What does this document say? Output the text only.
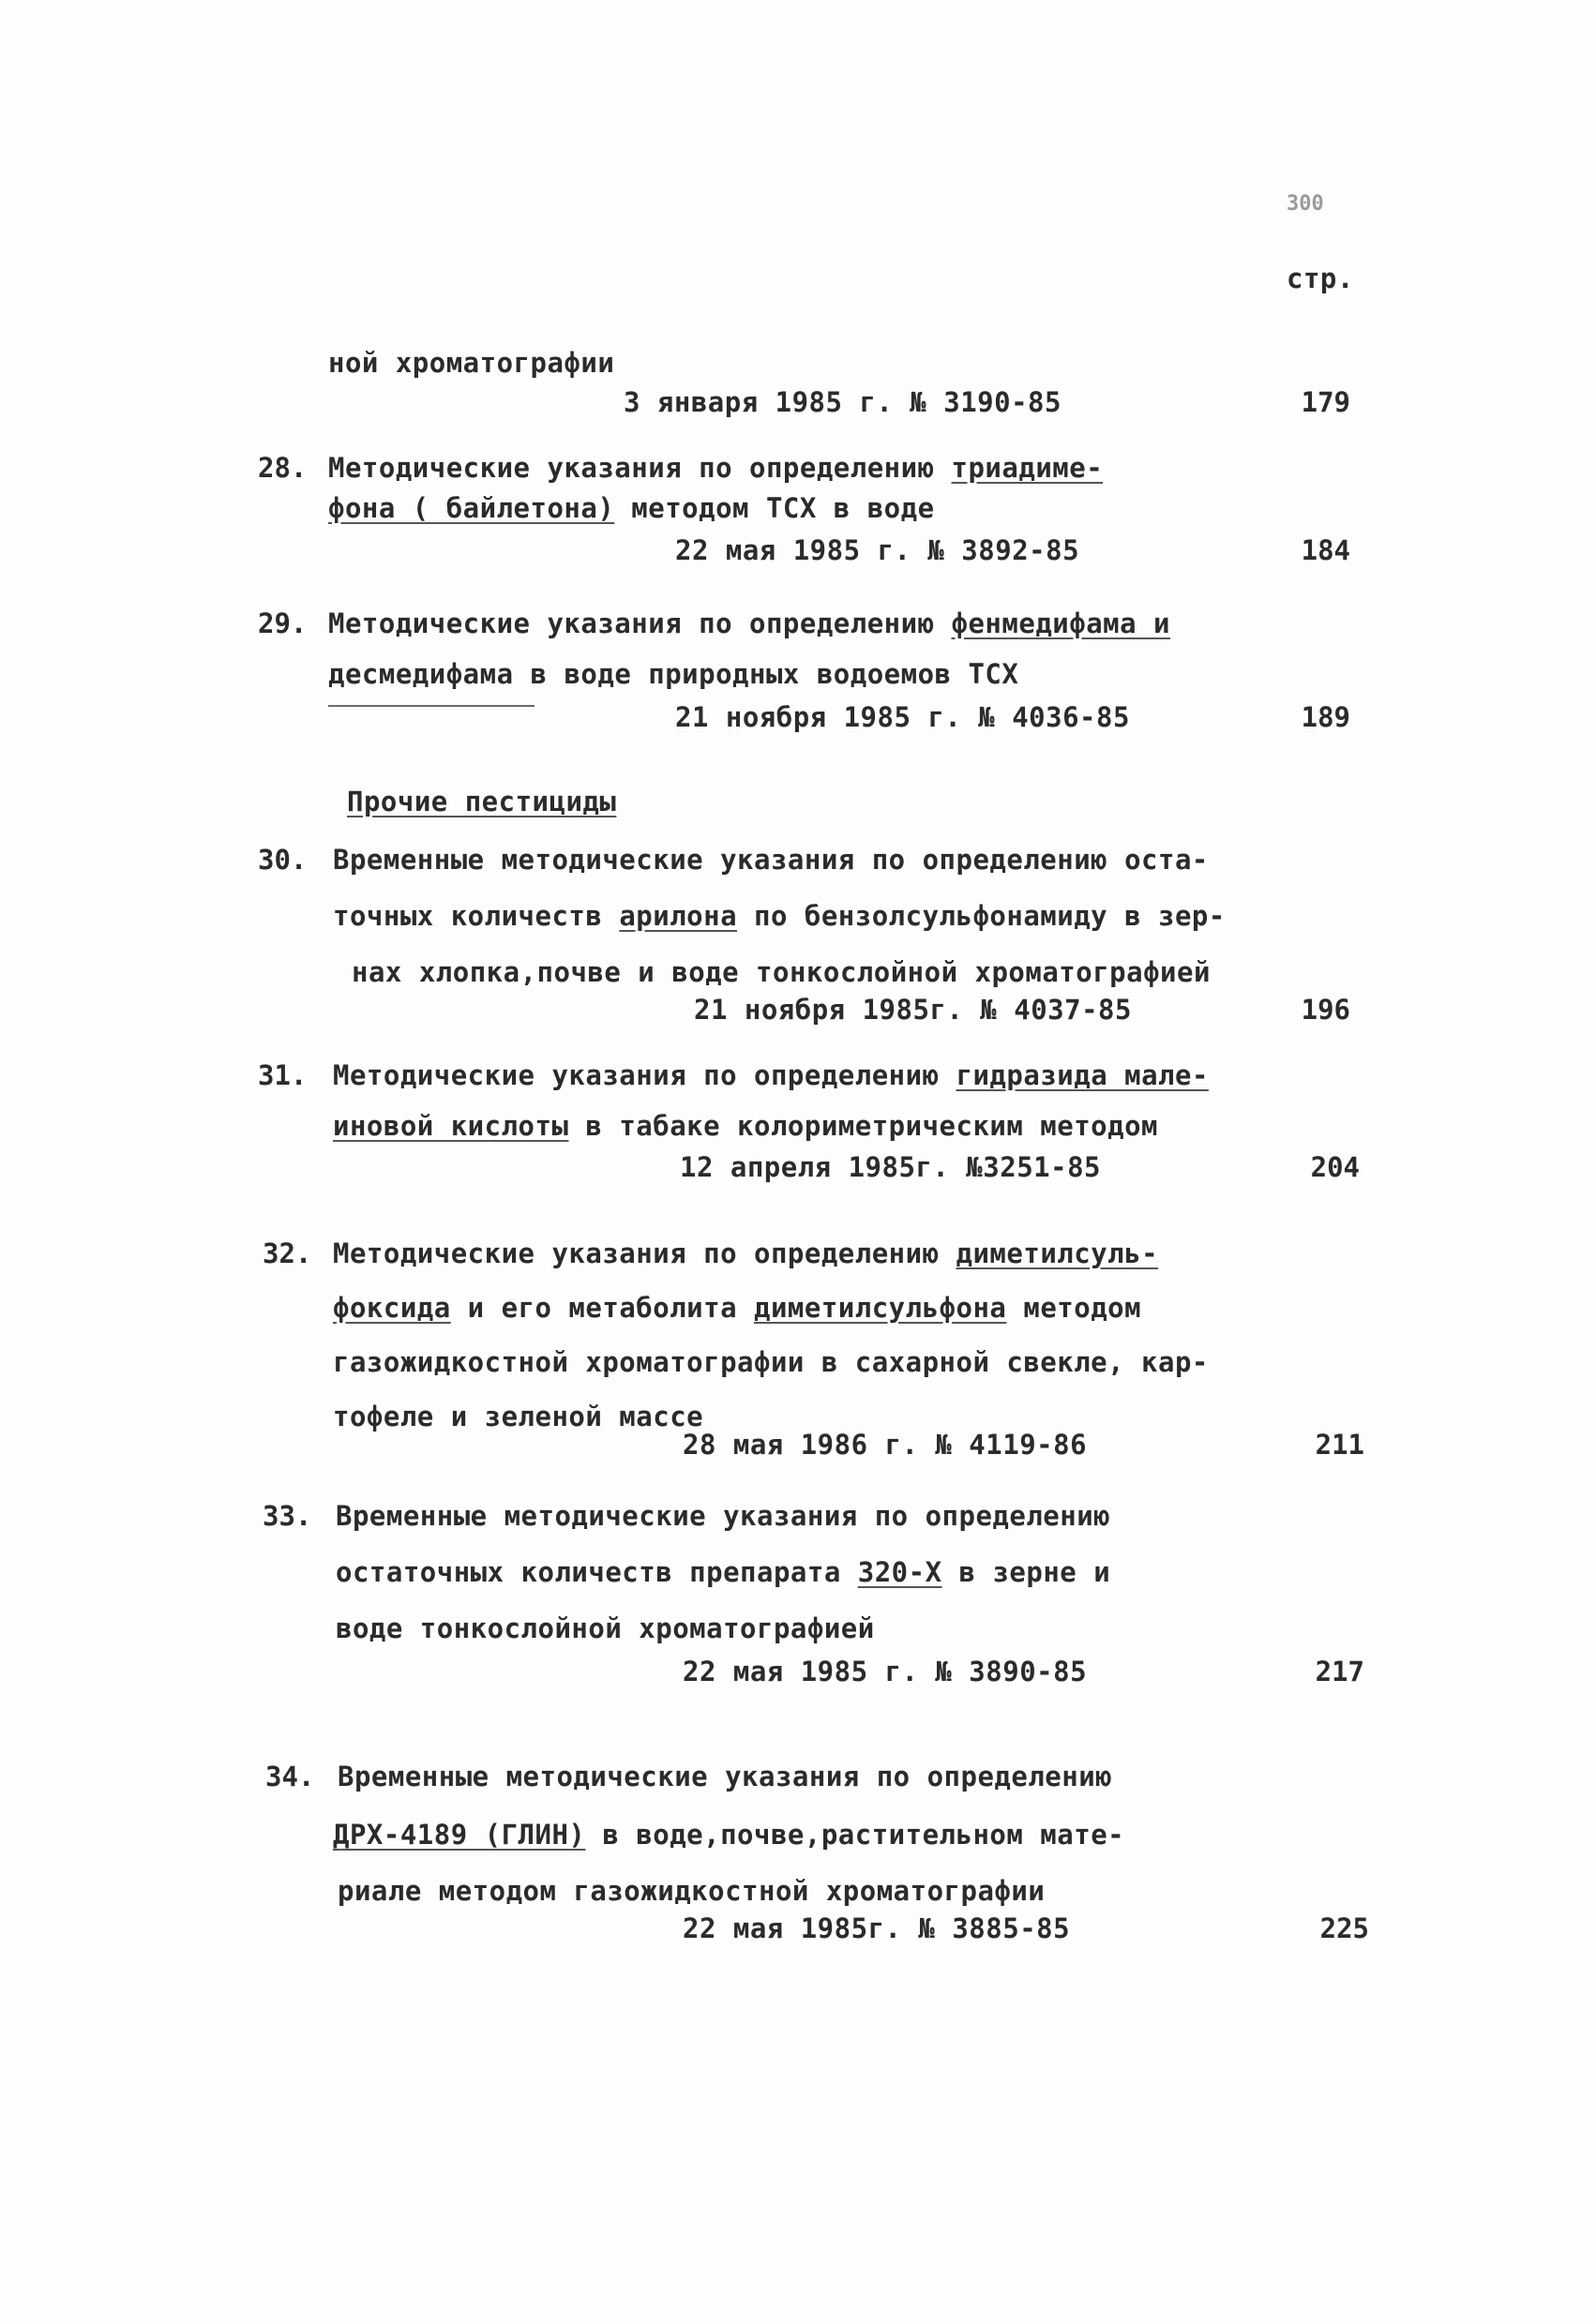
300
стр.
ной хроматографии
3 января 1985 г. № 3190-85	179
28. Методические указания по определению триадиме-
фона ( байлетона) методом ТСХ в воде
22 мая 1985 г. № 3892-85	184
29. Методические указания по определению фенмедифама и
десмедифама в воде природных водоемов ТСХ
21 ноября 1985 г. № 4036-85	189
Прочие пестициды
30. Временные методические указания по определению оста-
точных количеств арилона по бензолсульфонамиду в зер-
нах хлопка,почве и воде тонкослойной хроматографией
21 ноября 1985г. № 4037-85	196
31. Методические указания по определению гидразида мале-
иновой кислоты в табаке колориметрическим методом
12 апреля 1985г. №3251-85	204
32. Методические указания по определению диметилсуль-
фоксида и его метаболита диметилсульфона методом
газожидкостной хроматографии в сахарной свекле, кар-
тофеле и зеленой массе
28 мая 1986 г. № 4119-86	211
33. Временные методические указания по определению
остаточных количеств препарата 320-Х в зерне и
воде тонкослойной хроматографией
22 мая 1985 г. № 3890-85	217
34. Временные методические указания по определению
ДРХ-4189 (ГЛИН) в воде,почве,растительном мате-
риале методом газожидкостной хроматографии
22 мая 1985г. № 3885-85	225
